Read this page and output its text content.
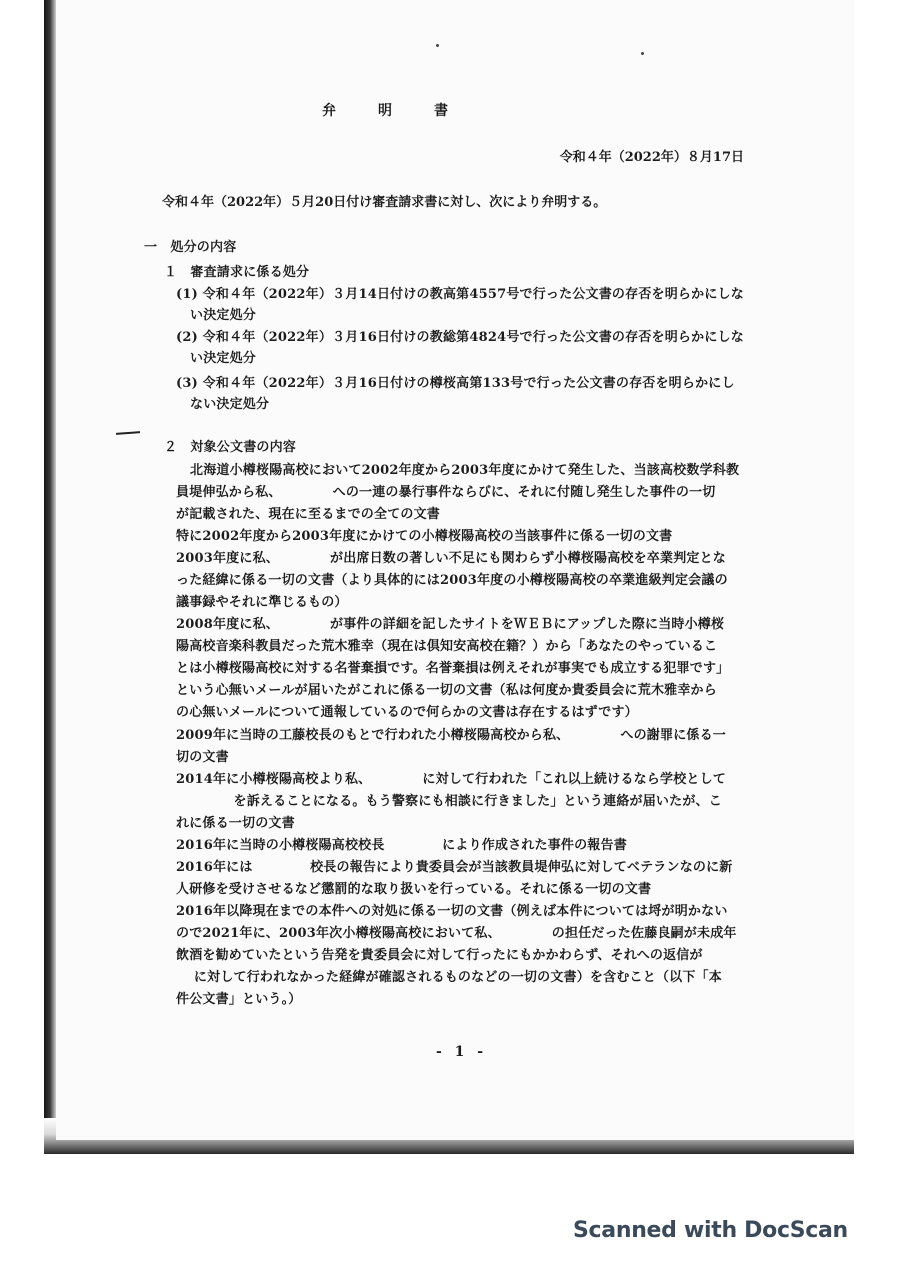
弁明書
令和４年（2022年）８月17日
令和４年（2022年）５月20日付け審査請求書に対し、次により弁明する。
一　処分の内容
１　審査請求に係る処分
(1) 令和４年（2022年）３月14日付けの教高第4557号で行った公文書の存否を明らかにしな
い決定処分
(2) 令和４年（2022年）３月16日付けの教総第4824号で行った公文書の存否を明らかにしな
い決定処分
(3) 令和４年（2022年）３月16日付けの樽桜高第133号で行った公文書の存否を明らかにし
ない決定処分
２　対象公文書の内容
北海道小樽桜陽高校において2002年度から2003年度にかけて発生した、当該高校数学科教
員堤伸弘から私、　　　　 への一連の暴行事件ならびに、それに付随し発生した事件の一切
が記載された、現在に至るまでの全ての文書
特に2002年度から2003年度にかけての小樽桜陽高校の当該事件に係る一切の文書
2003年度に私、　　　　 が出席日数の著しい不足にも関わらず小樽桜陽高校を卒業判定とな
った経緯に係る一切の文書（より具体的には2003年度の小樽桜陽高校の卒業進級判定会議の
議事録やそれに準じるもの）
2008年度に私、　　　　 が事件の詳細を記したサイトをＷＥＢにアップした際に当時小樽桜
陽高校音楽科教員だった荒木雅幸（現在は倶知安高校在籍？）から「あなたのやっているこ
とは小樽桜陽高校に対する名誉棄損です。名誉棄損は例えそれが事実でも成立する犯罪です」
という心無いメールが届いたがこれに係る一切の文書（私は何度か貴委員会に荒木雅幸から
の心無いメールについて通報しているので何らかの文書は存在するはずです）
2009年に当時の工藤校長のもとで行われた小樽桜陽高校から私、　　　　 への謝罪に係る一
切の文書
2014年に小樽桜陽高校より私、　　　　 に対して行われた「これ以上続けるなら学校として
　　　　 を訴えることになる。もう警察にも相談に行きました」という連絡が届いたが、こ
れに係る一切の文書
2016年に当時の小樽桜陽高校校長　　　　 により作成された事件の報告書
2016年には　　　　 校長の報告により貴委員会が当該教員堤伸弘に対してベテランなのに新
人研修を受けさせるなど懲罰的な取り扱いを行っている。それに係る一切の文書
2016年以降現在までの本件への対処に係る一切の文書（例えば本件については埒が明かない
ので2021年に、2003年次小樽桜陽高校において私、　　　　 の担任だった佐藤良嗣が未成年
飲酒を勧めていたという告発を貴委員会に対して行ったにもかかわらず、それへの返信が
　 に対して行われなかった経緯が確認されるものなどの一切の文書）を含むこと（以下「本
件公文書」という。）
- 1 -
Scanned with DocScan
